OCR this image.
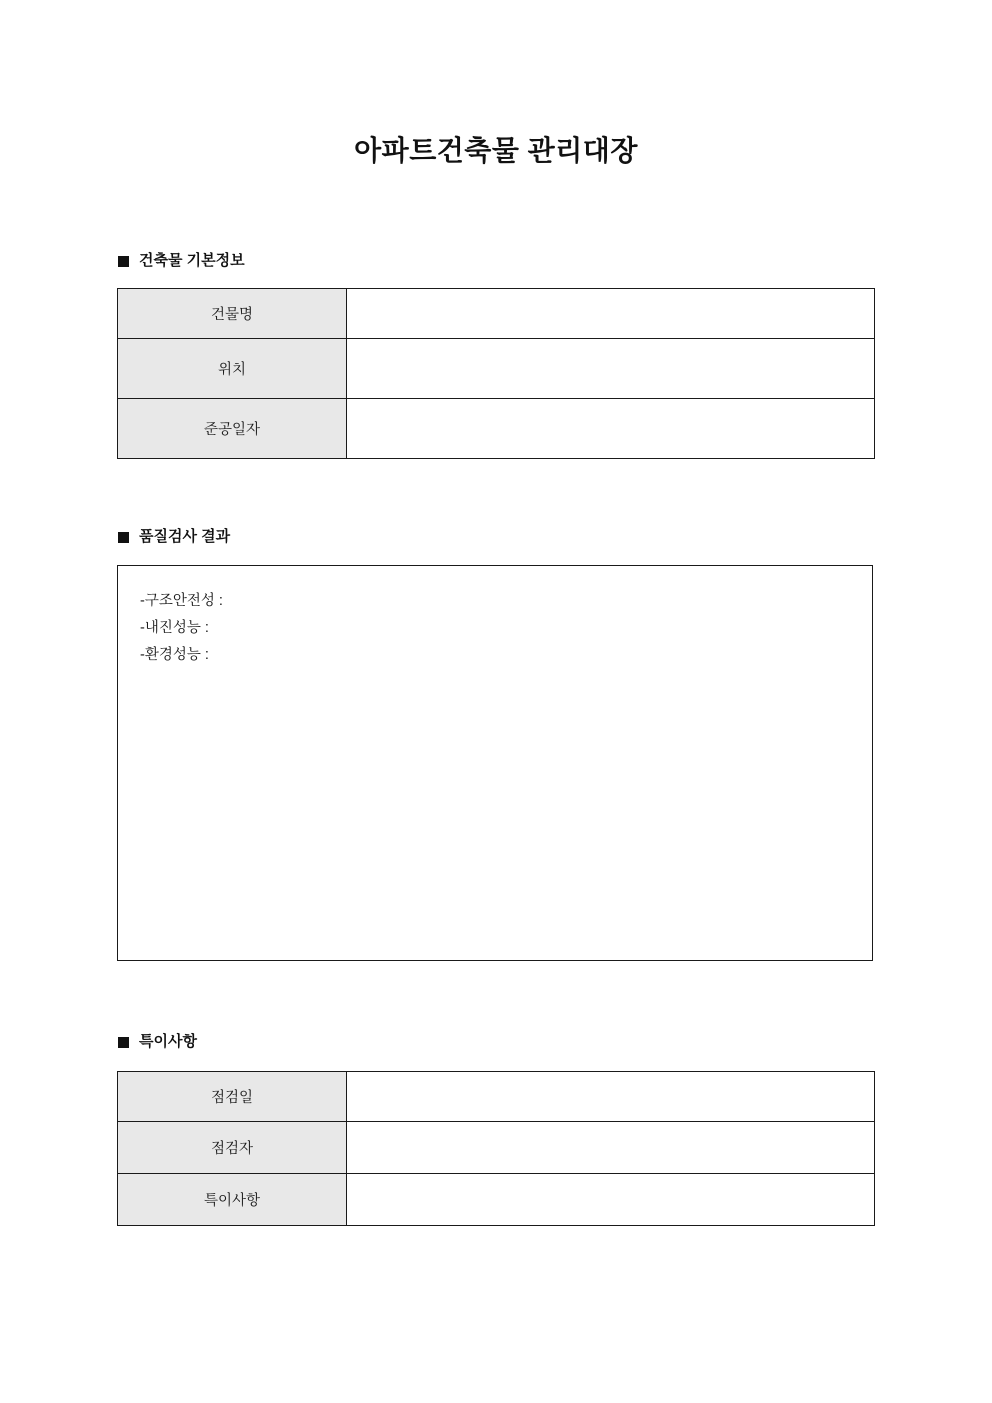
아파트건축물 관리대장
건축물 기본정보
건물명	
위치	
준공일자	
품질검사 결과
-구조안전성 :
-내진성능 :
-환경성능 :
특이사항
점검일	
점검자	
특이사항	
